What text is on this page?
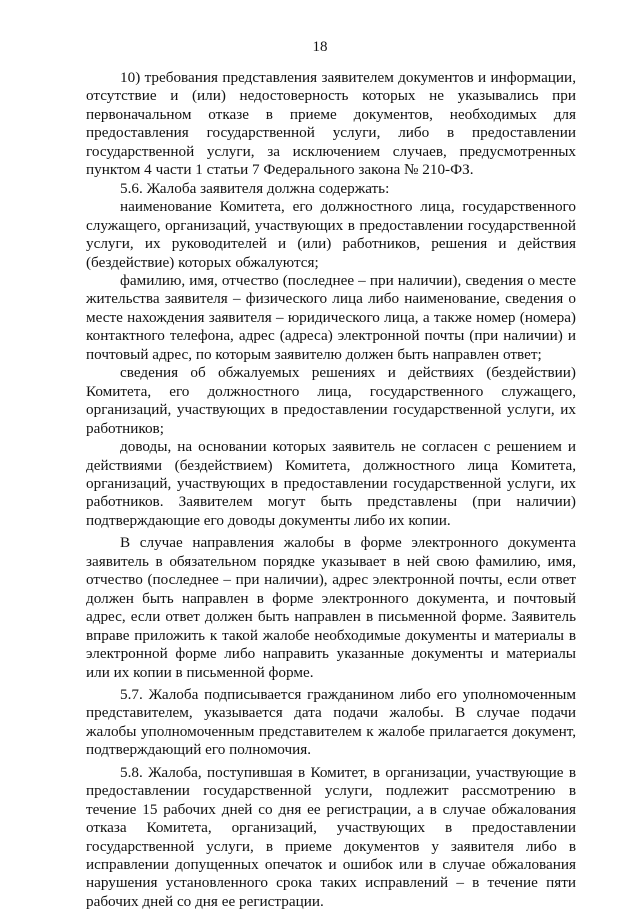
18

10) требования представления заявителем документов и информации, отсутствие и (или) недостоверность которых не указывались при первоначальном отказе в приеме документов, необходимых для предоставления государственной услуги, либо в предоставлении государственной услуги, за исключением случаев, предусмотренных пунктом 4 части 1 статьи 7 Федерального закона № 210-ФЗ.

5.6. Жалоба заявителя должна содержать:

наименование Комитета, его должностного лица, государственного служащего, организаций, участвующих в предоставлении государственной услуги, их руководителей и (или) работников, решения и действия (бездействие) которых обжалуются;

фамилию, имя, отчество (последнее – при наличии), сведения о месте жительства заявителя – физического лица либо наименование, сведения о месте нахождения заявителя – юридического лица, а также номер (номера) контактного телефона, адрес (адреса) электронной почты (при наличии) и почтовый адрес, по которым заявителю должен быть направлен ответ;

сведения об обжалуемых решениях и действиях (бездействии) Комитета, его должностного лица, государственного служащего, организаций, участвующих в предоставлении государственной услуги, их работников;

доводы, на основании которых заявитель не согласен с решением и действиями (бездействием) Комитета, должностного лица Комитета, организаций, участвующих в предоставлении государственной услуги, их работников. Заявителем могут быть представлены (при наличии) подтверждающие его доводы документы либо их копии.

В случае направления жалобы в форме электронного документа заявитель в обязательном порядке указывает в ней свою фамилию, имя, отчество (последнее – при наличии), адрес электронной почты, если ответ должен быть направлен в форме электронного документа, и почтовый адрес, если ответ должен быть направлен в письменной форме. Заявитель вправе приложить к такой жалобе необходимые документы и материалы в электронной форме либо направить указанные документы и материалы или их копии в письменной форме.

5.7. Жалоба подписывается гражданином либо его уполномоченным представителем, указывается дата подачи жалобы. В случае подачи жалобы уполномоченным представителем к жалобе прилагается документ, подтверждающий его полномочия.

5.8. Жалоба, поступившая в Комитет, в организации, участвующие в предоставлении государственной услуги, подлежит рассмотрению в течение 15 рабочих дней со дня ее регистрации, а в случае обжалования отказа Комитета, организаций, участвующих в предоставлении государственной услуги, в приеме документов у заявителя либо в исправлении допущенных опечаток и ошибок или в случае обжалования нарушения установленного срока таких исправлений – в течение пяти рабочих дней со дня ее регистрации.
